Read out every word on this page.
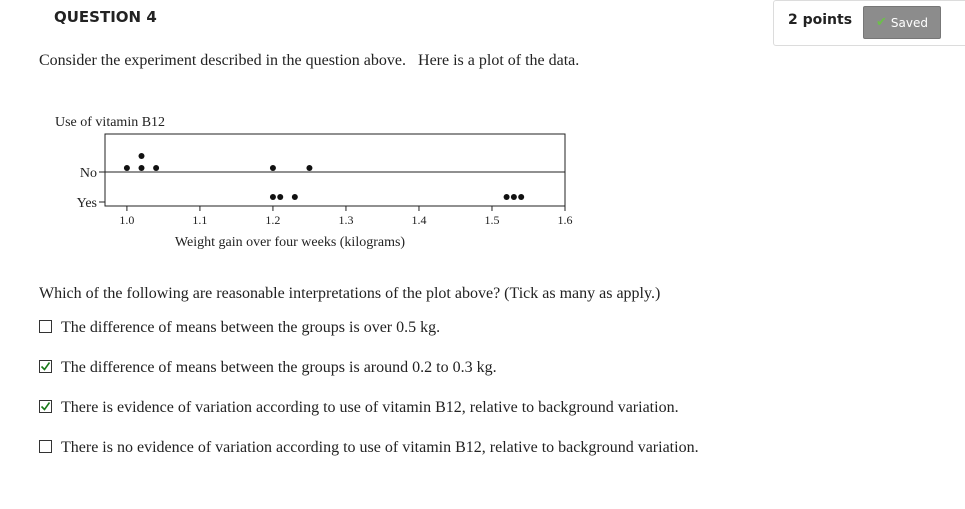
QUESTION 4	2 points ✔ Saved
Consider the experiment described in the question above.   Here is a plot of the data.
Use of vitamin B12
No
Yes
1.0	1.1	1.2	1.3	1.4	1.5	1.6
Weight gain over four weeks (kilograms)
Which of the following are reasonable interpretations of the plot above? (Tick as many as apply.)
The difference of means between the groups is over 0.5 kg.
The difference of means between the groups is around 0.2 to 0.3 kg.
There is evidence of variation according to use of vitamin B12, relative to background variation.
There is no evidence of variation according to use of vitamin B12, relative to background variation.
